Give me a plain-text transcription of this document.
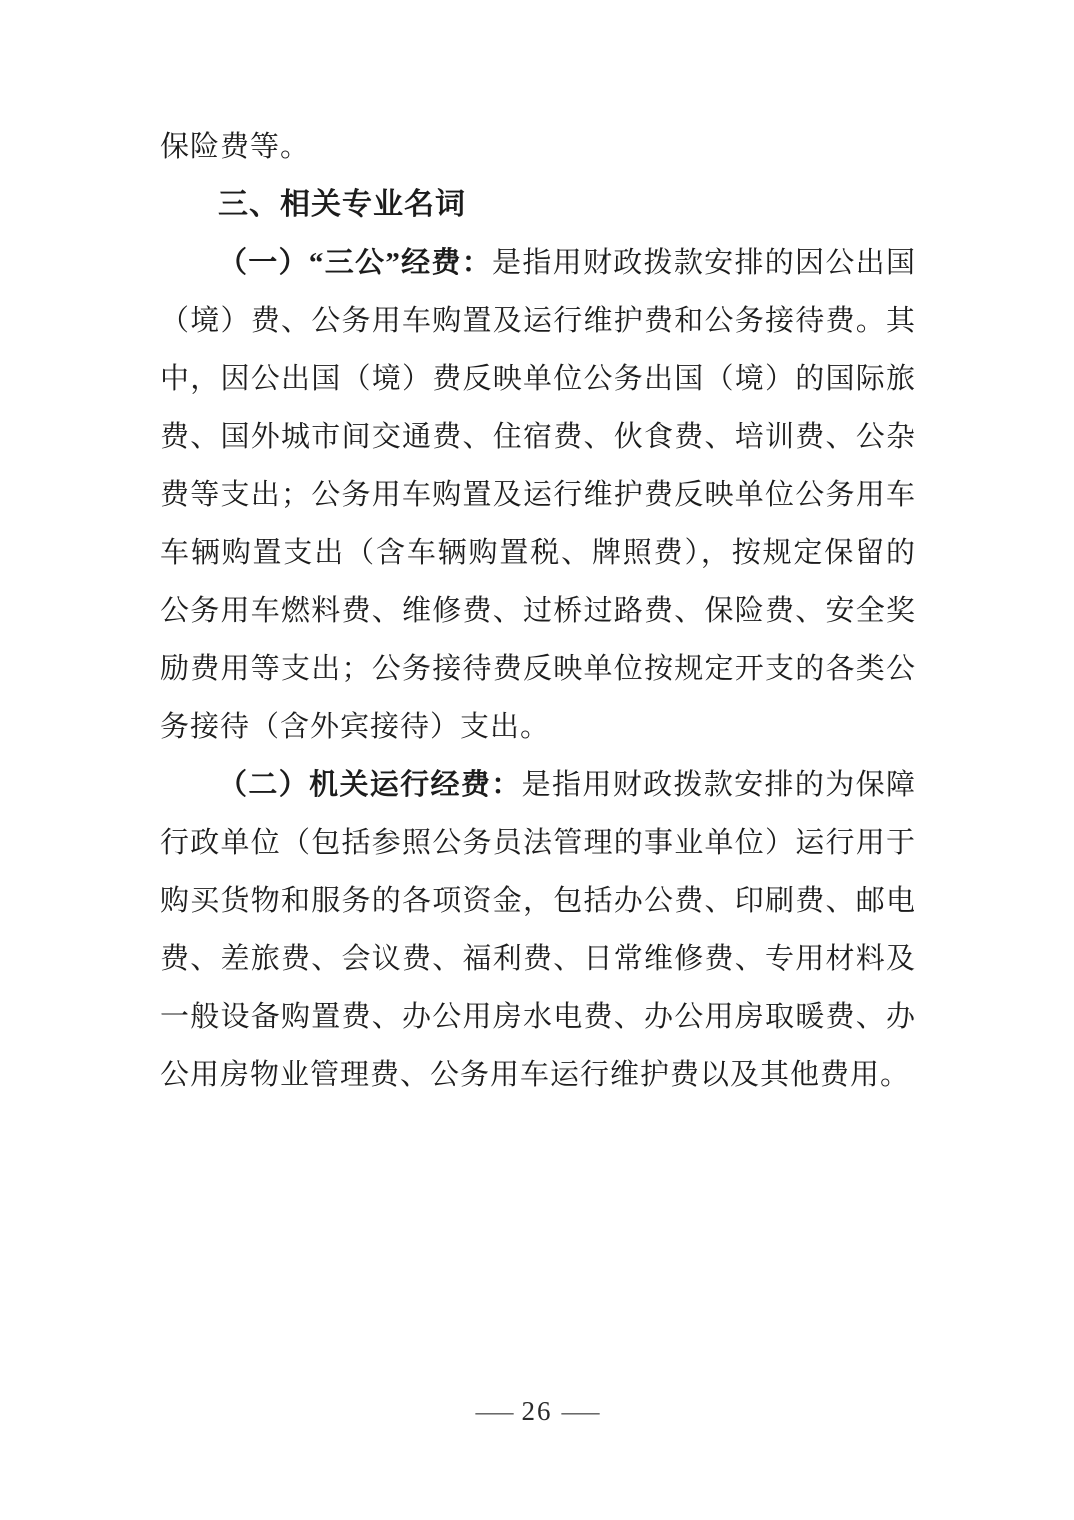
保险费等。

三、相关专业名词

（一）“三公”经费：是指用财政拨款安排的因公出国（境）费、公务用车购置及运行维护费和公务接待费。其中，因公出国（境）费反映单位公务出国（境）的国际旅费、国外城市间交通费、住宿费、伙食费、培训费、公杂费等支出；公务用车购置及运行维护费反映单位公务用车车辆购置支出（含车辆购置税、牌照费），按规定保留的公务用车燃料费、维修费、过桥过路费、保险费、安全奖励费用等支出；公务接待费反映单位按规定开支的各类公务接待（含外宾接待）支出。

（二）机关运行经费：是指用财政拨款安排的为保障行政单位（包括参照公务员法管理的事业单位）运行用于购买货物和服务的各项资金，包括办公费、印刷费、邮电费、差旅费、会议费、福利费、日常维修费、专用材料及一般设备购置费、办公用房水电费、办公用房取暖费、办公用房物业管理费、公务用车运行维护费以及其他费用。

— 26 —
